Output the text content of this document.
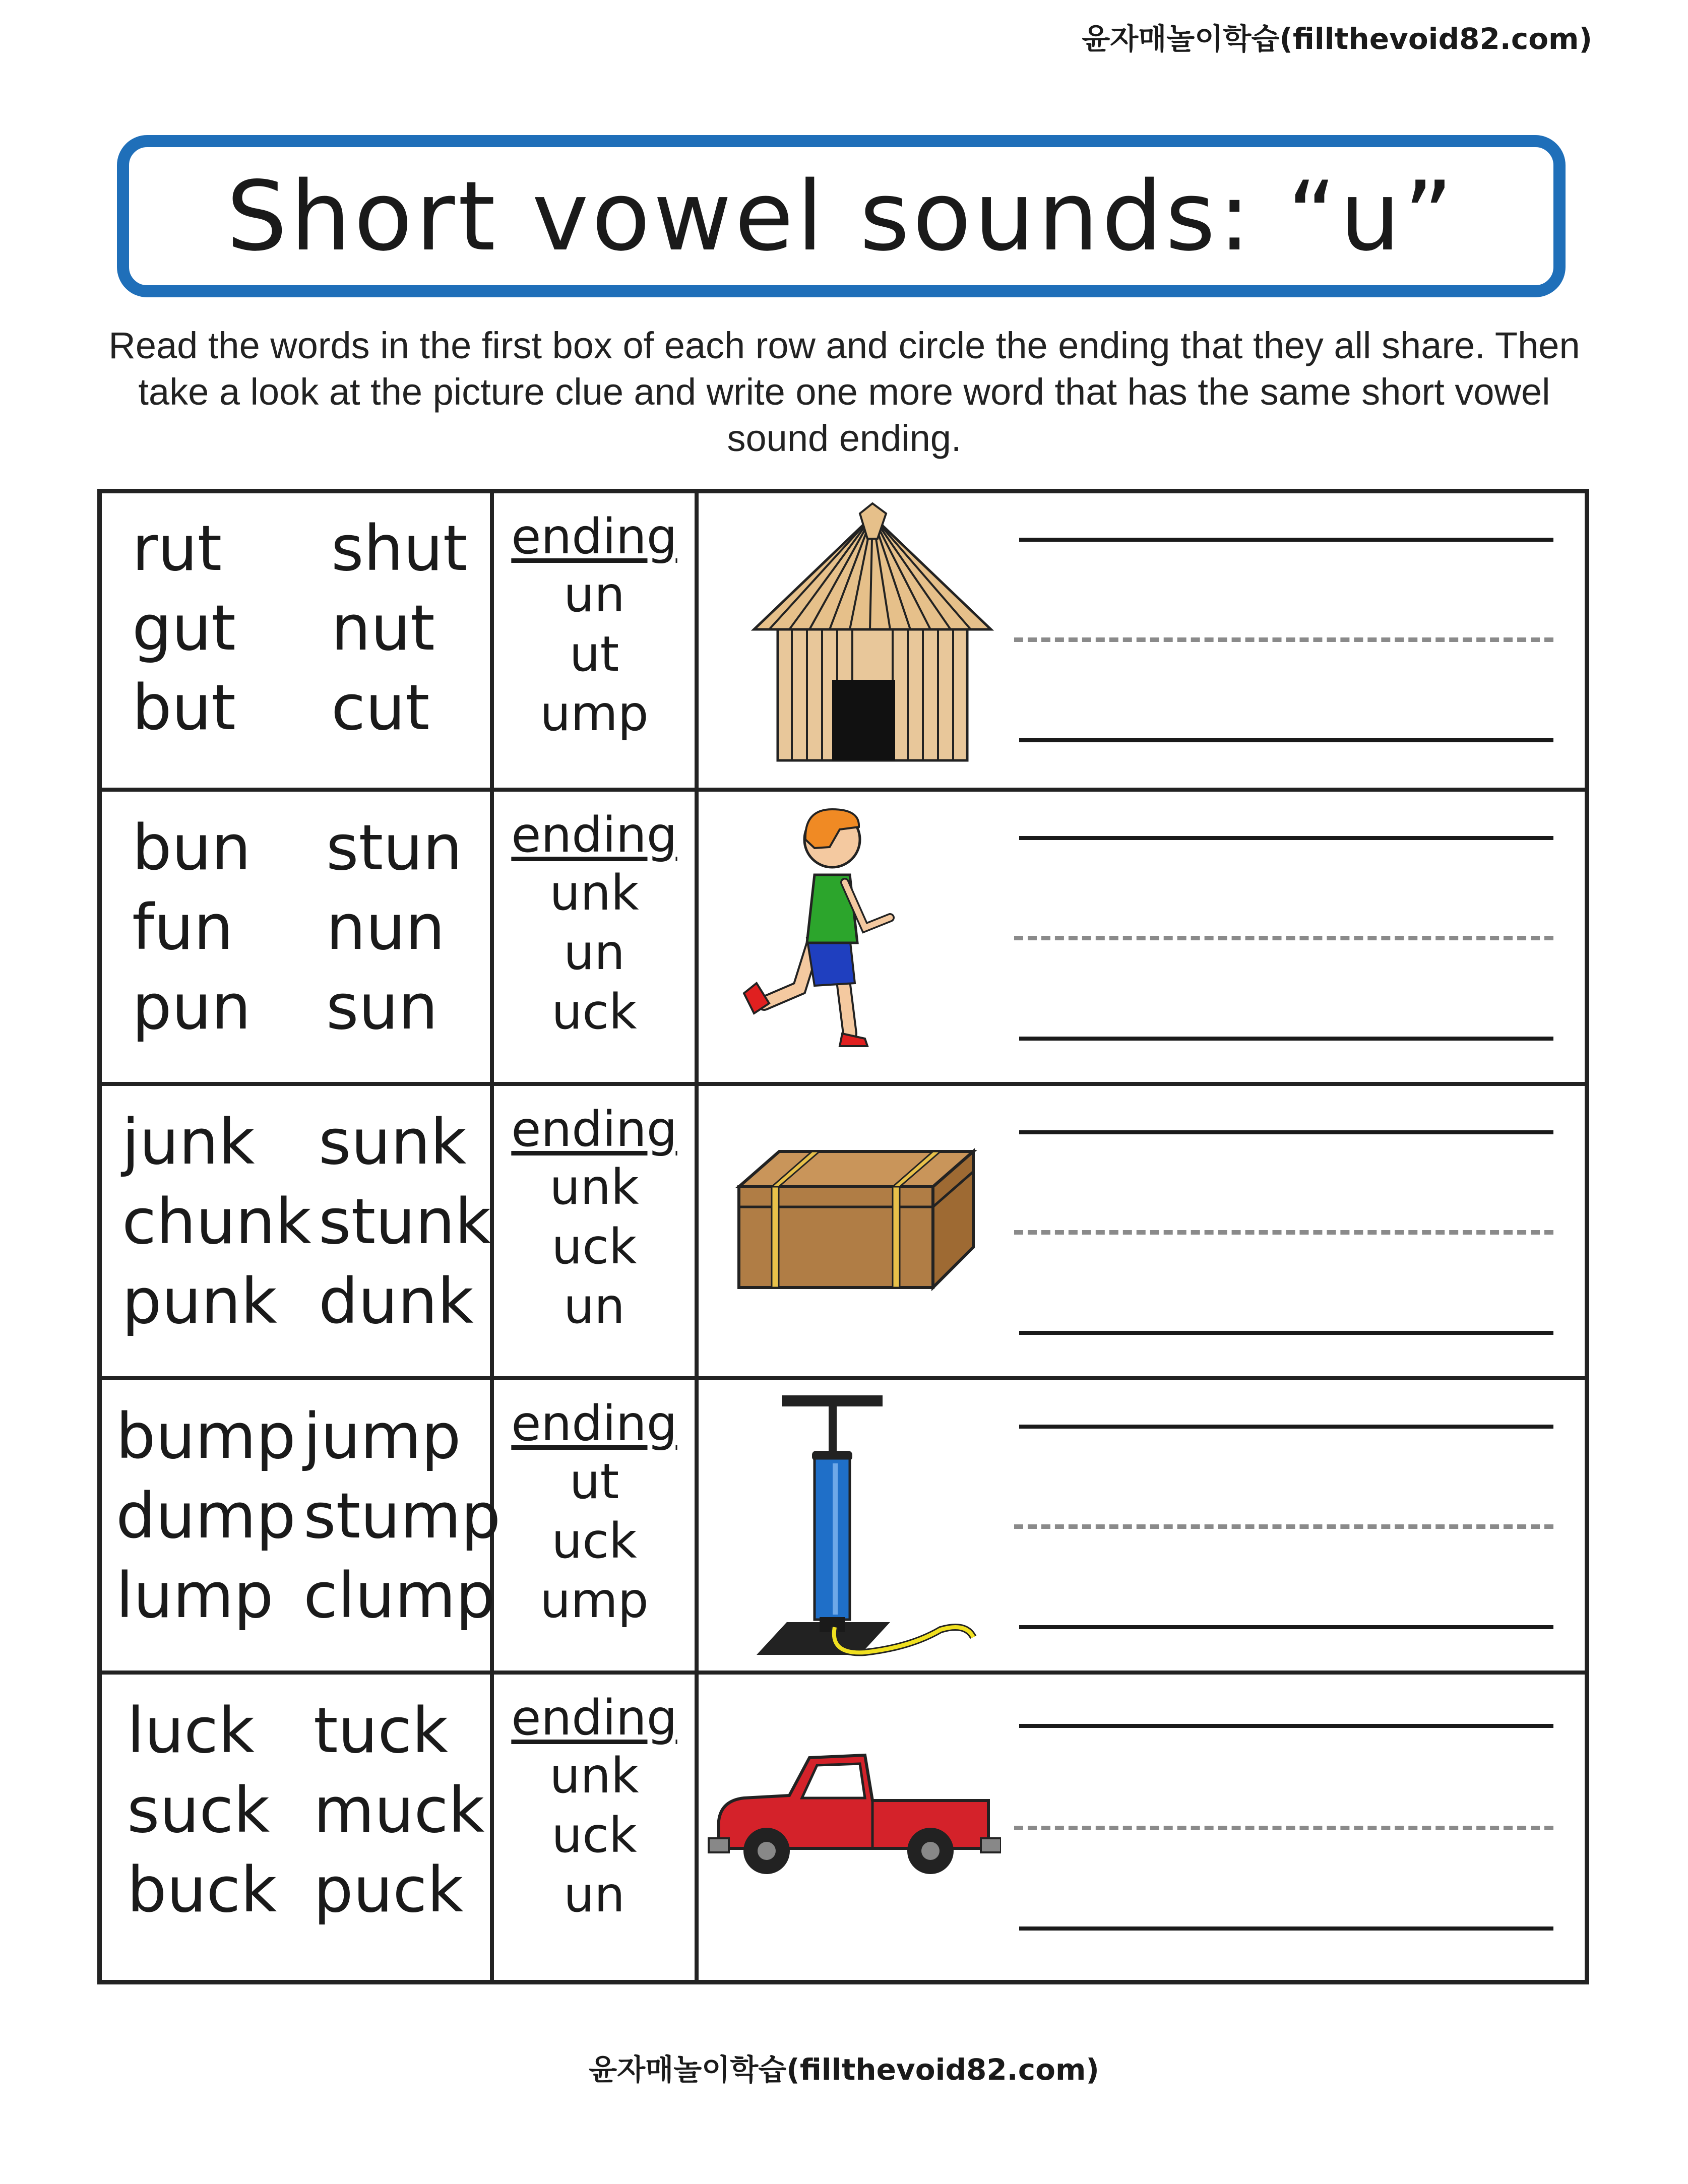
윤자매놀이학습(fillthevoid82.com)
Short vowel sounds: “u”
Read the words in the first box of each row and circle the ending that they all share. Then take a look at the picture clue and write one more word that has the same short vowel sound ending.
rut shut
gut nut
but cut
ending
un
ut
ump
bun stun
fun nun
pun sun
ending
unk
un
uck
junk sunk
chunk stunk
punk dunk
ending
unk
uck
un
bump jump
dump stump
lump clump
ending
ut
uck
ump
luck tuck
suck muck
buck puck
ending
unk
uck
un
윤자매놀이학습(fillthevoid82.com)
